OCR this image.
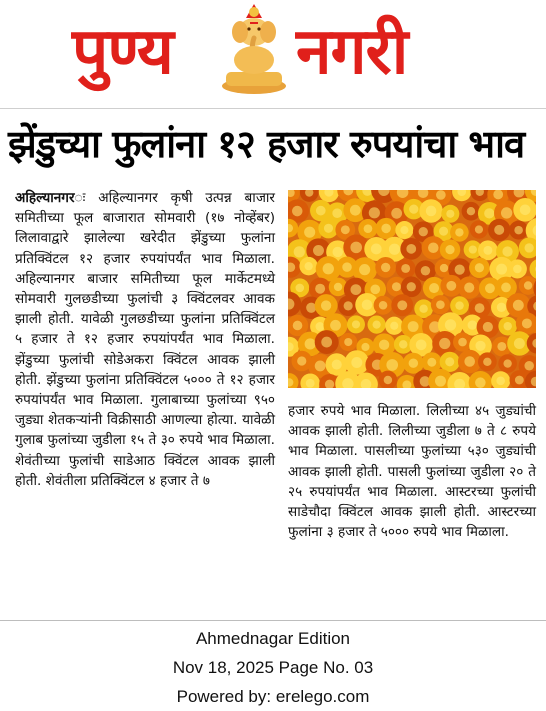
पुण्य नगरी
झेंडुच्या फुलांना १२ हजार रुपयांचा भाव
अहिल्यानगरः अहिल्यानगर कृषी उत्पन्न बाजार समितीच्या फूल बाजारात सोमवारी (१७ नोव्हेंबर) लिलावाद्वारे झालेल्या खरेदीत झेंडुच्या फुलांना प्रतिक्विंटल १२ हजार रुपयांपर्यंत भाव मिळाला. अहिल्यानगर बाजार समितीच्या फूल मार्केटमध्ये सोमवारी गुलछडीच्या फुलांची ३ क्विंटलवर आवक झाली होती. यावेळी गुलछडीच्या फुलांना प्रतिक्विंटल ५ हजार ते १२ हजार रुपयांपर्यंत भाव मिळाला. झेंडुच्या फुलांची सोडेअकरा क्विंटल आवक झाली होती. झेंडुच्या फुलांना प्रतिक्विंटल ५००० ते १२ हजार रुपयांपर्यंत भाव मिळाला. गुलाबाच्या फुलांच्या ९५० जुड्या शेतकऱ्यांनी विक्रीसाठी आणल्या होत्या. यावेळी गुलाब फुलांच्या जुडीला १५ ते ३० रुपये भाव मिळाला. शेवंतीच्या फुलांची साडेआठ क्विंटल आवक झाली होती. शेवंतीला प्रतिक्विंटल ४ हजार ते ७
हजार रुपये भाव मिळाला. लिलीच्या ४५ जुड्यांची आवक झाली होती. लिलीच्या जुडीला ७ ते ८ रुपये भाव मिळाला. पासलीच्या फुलांच्या ५३० जुड्यांची आवक झाली होती. पासली फुलांच्या जुडीला २० ते २५ रुपयांपर्यंत भाव मिळाला. आस्टरच्या फुलांची साडेचौदा क्विंटल आवक झाली होती. आस्टरच्या फुलांना ३ हजार ते ५००० रुपये भाव मिळाला.
Ahmednagar Edition
Nov 18, 2025 Page No. 03
Powered by: erelego.com
